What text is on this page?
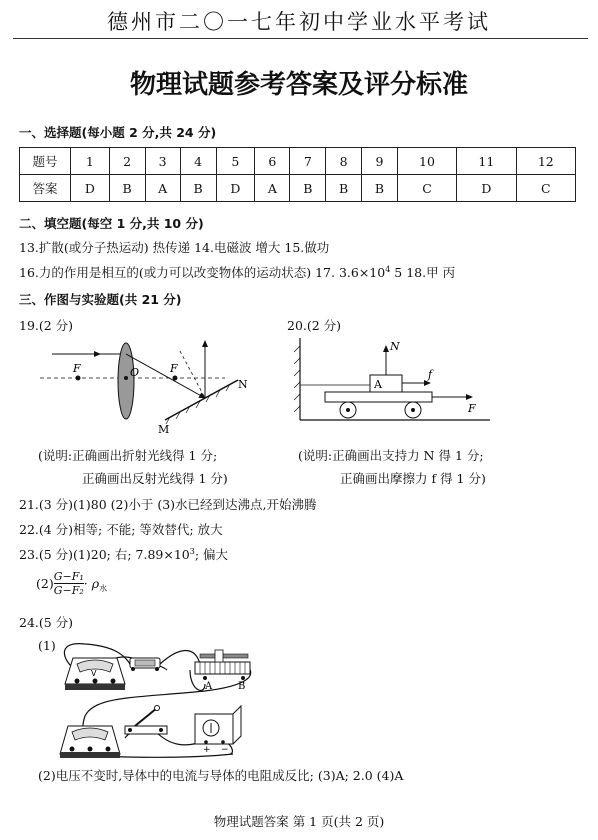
德州市二〇一七年初中学业水平考试
物理试题参考答案及评分标准
一、选择题(每小题 2 分,共 24 分)
题号	1	2	3	4	5	6	7	8	9	10	11	12
答案	D	B	A	B	D	A	B	B	B	C	D	C
二、填空题(每空 1 分,共 10 分)
13.扩散(或分子热运动) 热传递 14.电磁波 增大 15.做功
16.力的作用是相互的(或力可以改变物体的运动状态) 17. $3.6\times 10^4$ 5 18.甲 丙
三、作图与实验题(共 21 分)
19.(2 分)	20.(2 分)
F	O	F
N
M
A
N
f
F
(说明:正确画出折射光线得 1 分;
正确画出反射光线得 1 分)
(说明:正确画出支持力 N 得 1 分;
正确画出摩擦力 f 得 1 分)
21.(3 分)(1)80 (2)小于 (3)水已经到达沸点,开始沸腾
22.(4 分)相等; 不能; 等效替代; 放大
23.(5 分)(1)20; 右; $7.89\times 10^3$; 偏大
$(2) \frac{\text{G−F₁}}{\text{G−F₂}} \cdot \rho_水$
24.(5 分)
(1)
V
A	B
+ −
(2)电压不变时,导体中的电流与导体的电阻成反比; (3)A; 2.0 (4)A
物理试题答案 第 1 页(共 2 页)
